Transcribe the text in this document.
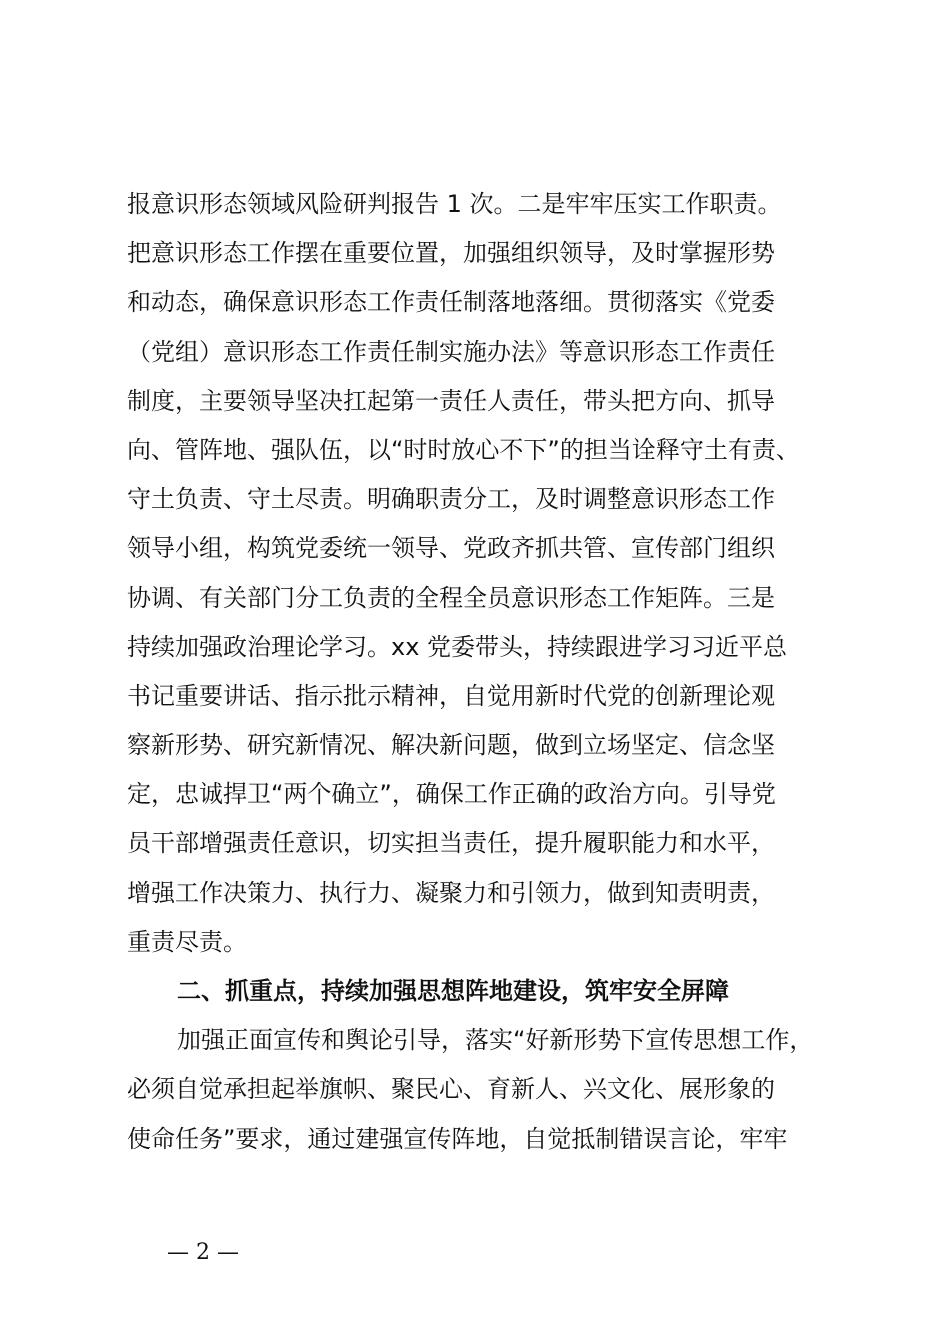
报意识形态领域风险研判报告 1 次。二是牢牢压实工作职责。
把意识形态工作摆在重要位置，加强组织领导，及时掌握形势
和动态，确保意识形态工作责任制落地落细。贯彻落实《党委
（党组）意识形态工作责任制实施办法》等意识形态工作责任
制度，主要领导坚决扛起第一责任人责任，带头把方向、抓导
向、管阵地、强队伍，以“时时放心不下”的担当诠释守土有责、
守土负责、守土尽责。明确职责分工，及时调整意识形态工作
领导小组，构筑党委统一领导、党政齐抓共管、宣传部门组织
协调、有关部门分工负责的全程全员意识形态工作矩阵。三是
持续加强政治理论学习。xx 党委带头，持续跟进学习习近平总
书记重要讲话、指示批示精神，自觉用新时代党的创新理论观
察新形势、研究新情况、解决新问题，做到立场坚定、信念坚
定，忠诚捍卫“两个确立”，确保工作正确的政治方向。引导党
员干部增强责任意识，切实担当责任，提升履职能力和水平，
增强工作决策力、执行力、凝聚力和引领力，做到知责明责，
重责尽责。
二、抓重点，持续加强思想阵地建设，筑牢安全屏障
加强正面宣传和舆论引导，落实“好新形势下宣传思想工作，
必须自觉承担起举旗帜、聚民心、育新人、兴文化、展形象的
使命任务”要求，通过建强宣传阵地，自觉抵制错误言论，牢牢
— 2 —
